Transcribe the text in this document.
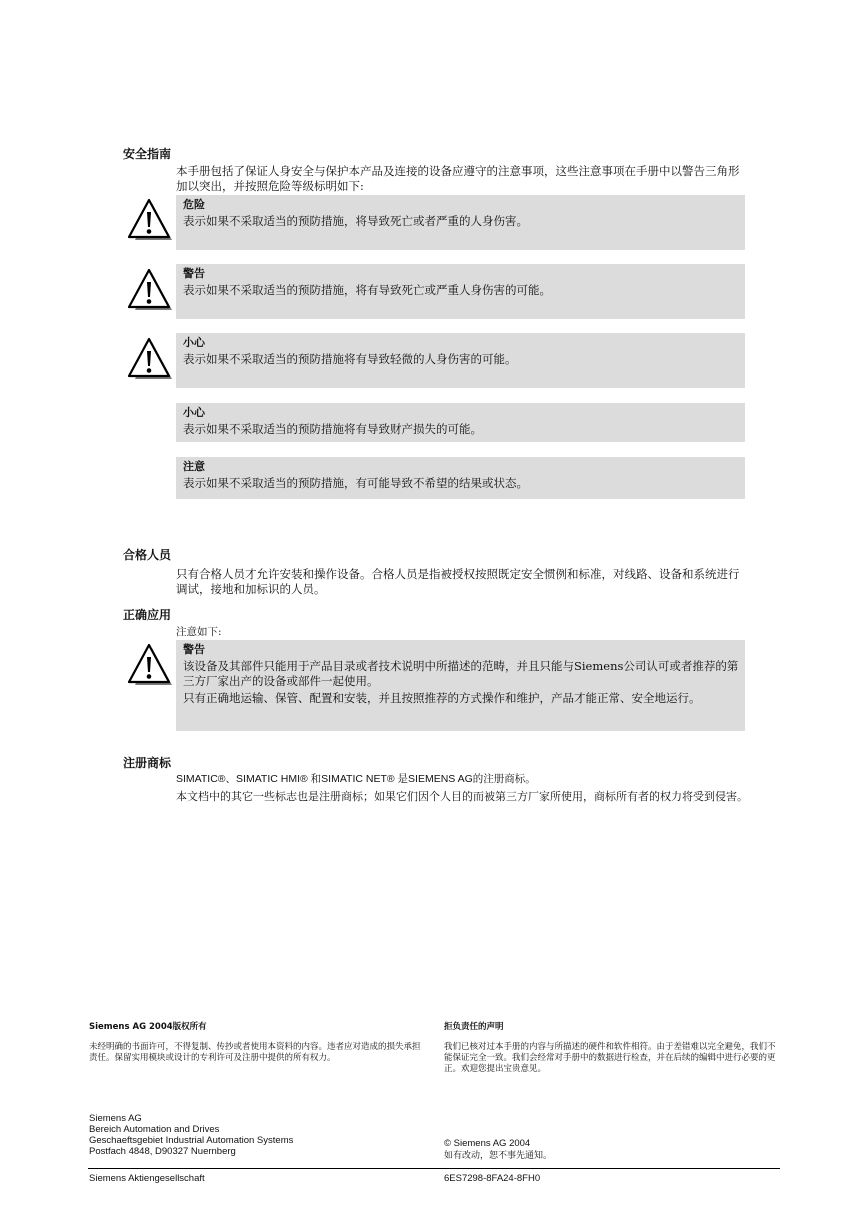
安全指南
本手册包括了保证人身安全与保护本产品及连接的设备应遵守的注意事项，这些注意事项在手册中以警告三角形加以突出，并按照危险等级标明如下:
危险
表示如果不采取适当的预防措施，将导致死亡或者严重的人身伤害。
警告
表示如果不采取适当的预防措施，将有导致死亡或严重人身伤害的可能。
小心
表示如果不采取适当的预防措施将有导致轻微的人身伤害的可能。
小心
表示如果不采取适当的预防措施将有导致财产损失的可能。
注意
表示如果不采取适当的预防措施，有可能导致不希望的结果或状态。
合格人员
只有合格人员才允许安装和操作设备。合格人员是指被授权按照既定安全惯例和标准，对线路、设备和系统进行调试，接地和加标识的人员。
正确应用
注意如下:
警告
该设备及其部件只能用于产品目录或者技术说明中所描述的范畴，并且只能与Siemens公司认可或者推荐的第三方厂家出产的设备或部件一起使用。
只有正确地运输、保管、配置和安装，并且按照推荐的方式操作和维护，产品才能正常、安全地运行。
注册商标
SIMATIC®、SIMATIC HMI® 和SIMATIC NET® 是SIEMENS AG的注册商标。
本文档中的其它一些标志也是注册商标；如果它们因个人目的而被第三方厂家所使用，商标所有者的权力将受到侵害。
Siemens AG 2004版权所有
未经明确的书面许可，不得复制、传抄或者使用本资料的内容。违者应对造成的损失承担责任。保留实用模块或设计的专利许可及注册中提供的所有权力。
拒负责任的声明
我们已核对过本手册的内容与所描述的硬件和软件相符。由于差错难以完全避免，我们不能保证完全一致。我们会经常对手册中的数据进行检查，并在后续的编辑中进行必要的更正。欢迎您提出宝贵意见。
Siemens AG
Bereich Automation and Drives
Geschaeftsgebiet Industrial Automation Systems
Postfach 4848, D90327 Nuernberg
© Siemens AG 2004
如有改动，恕不事先通知。
Siemens Aktiengesellschaft	6ES7298-8FA24-8FH0
